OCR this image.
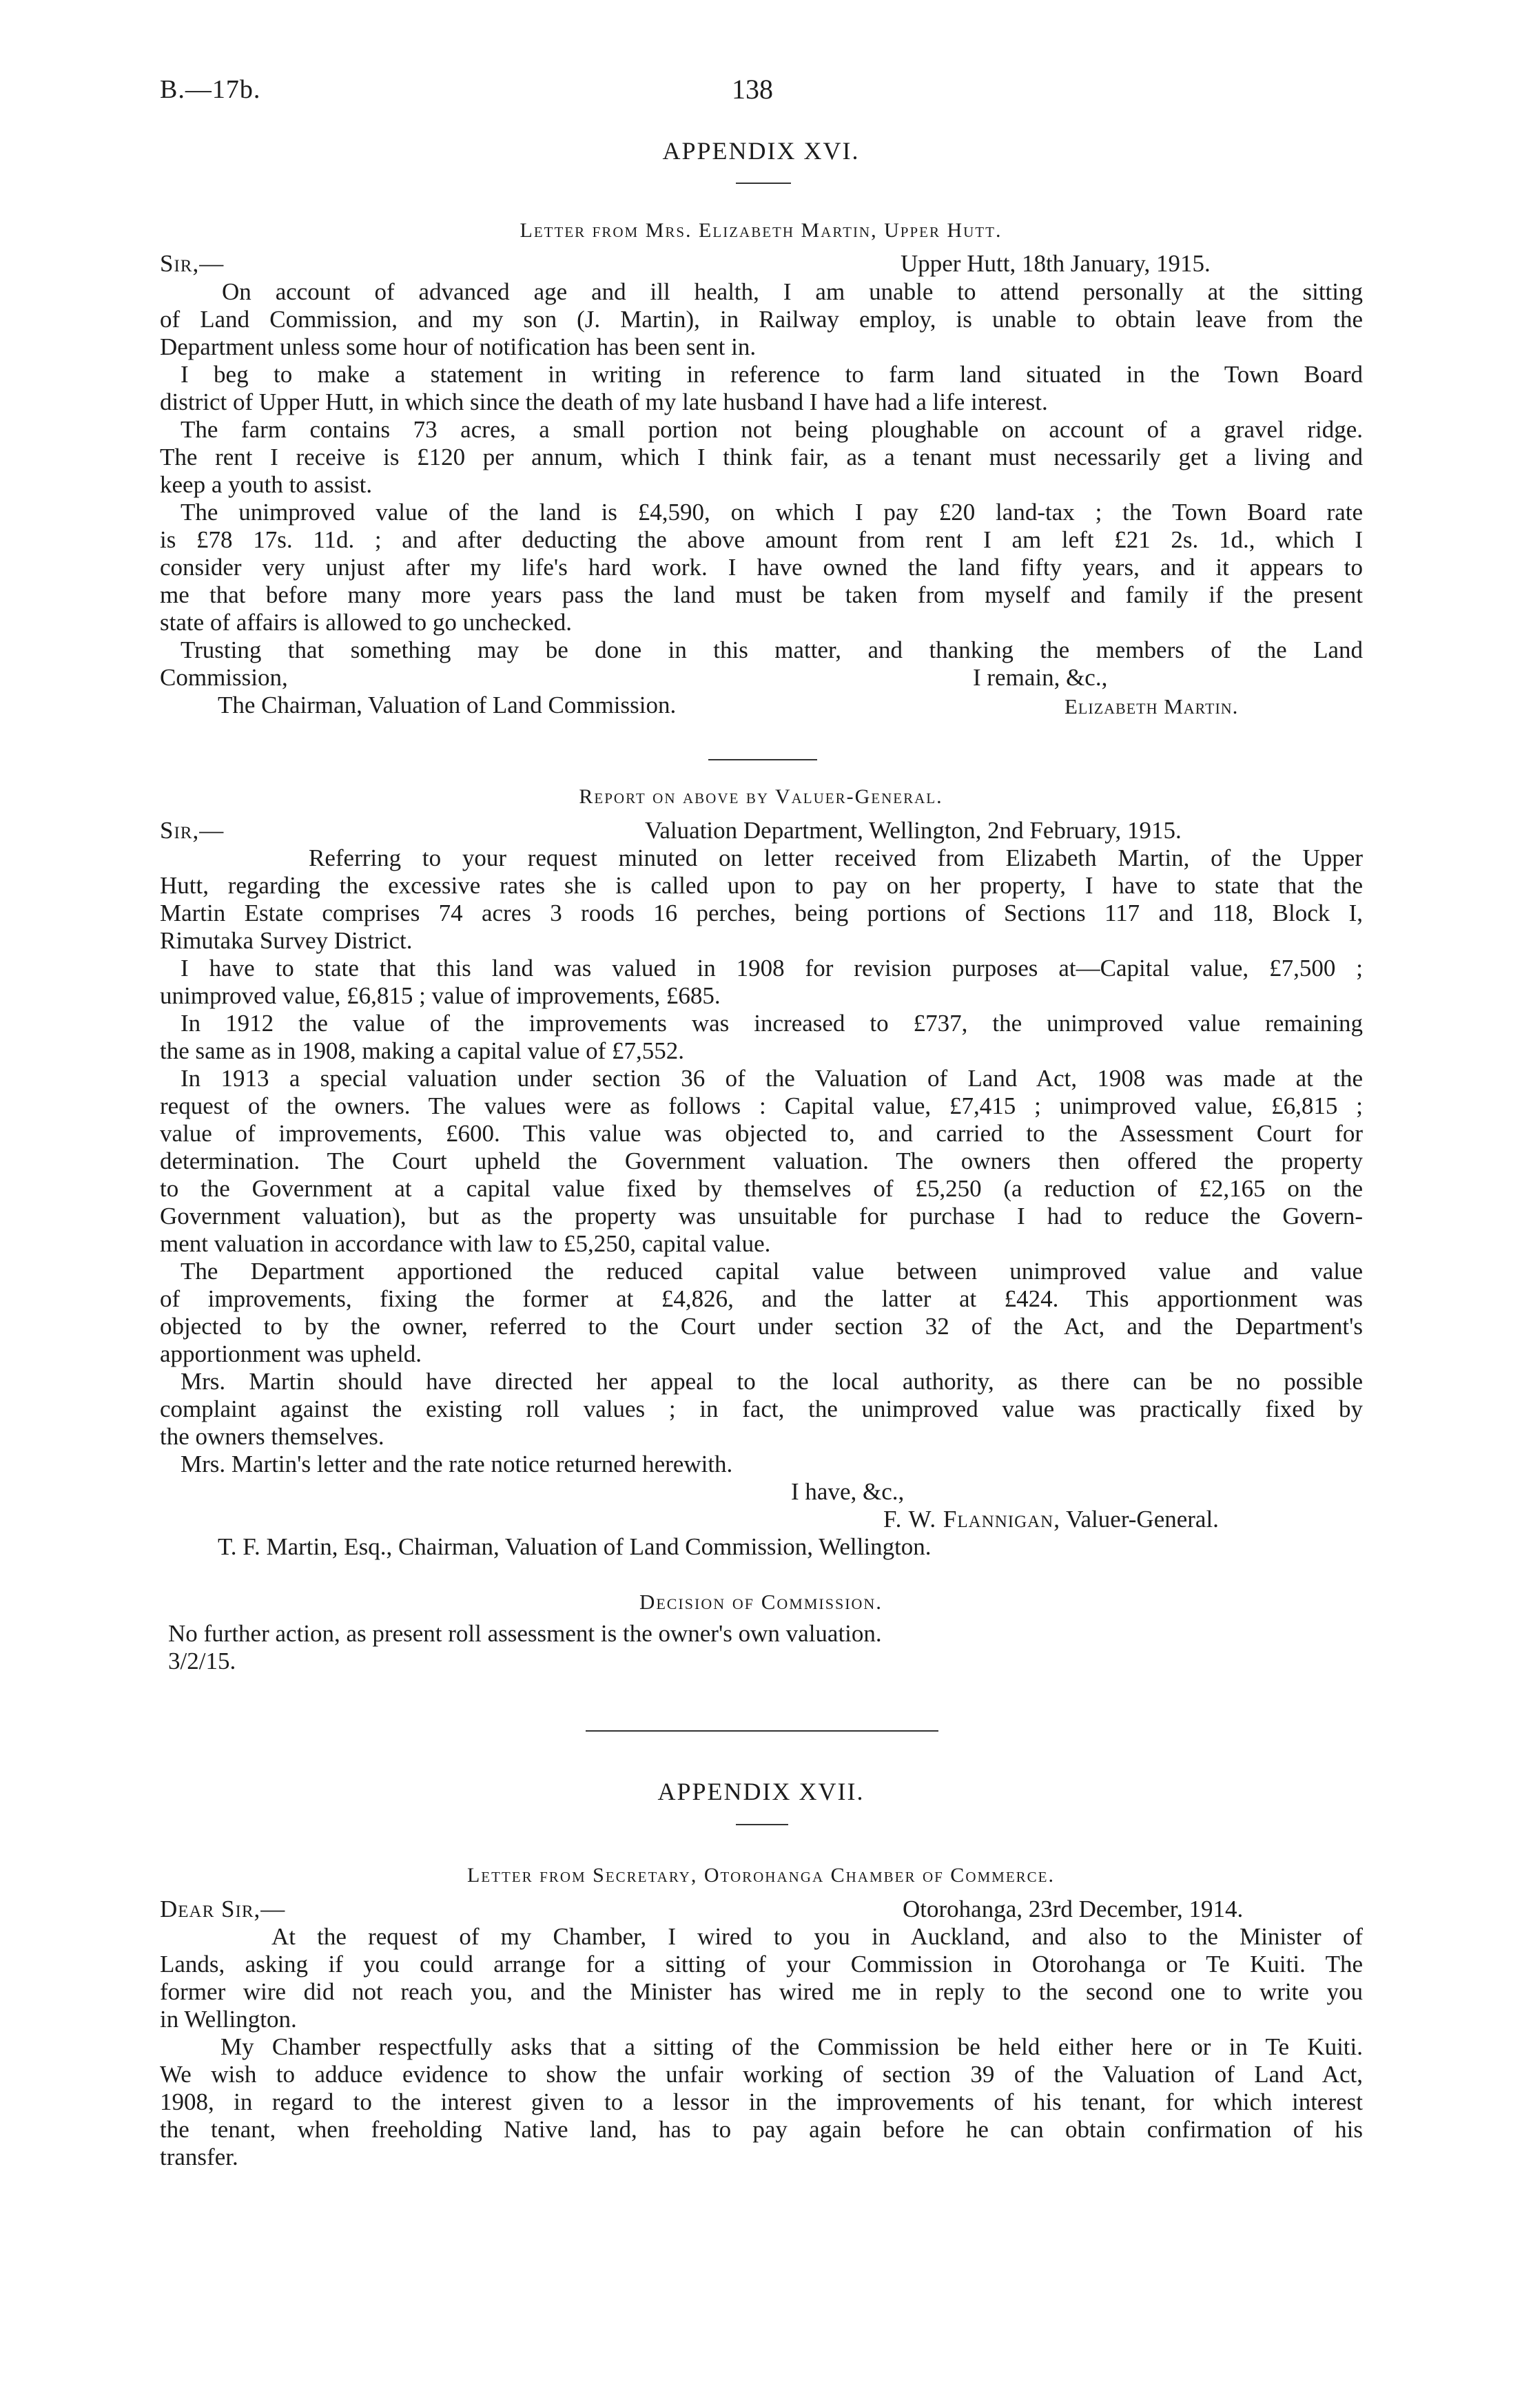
B.—17b.	138
APPENDIX XVI.
Letter from Mrs. Elizabeth Martin, Upper Hutt.
Sir,—	Upper Hutt, 18th January, 1915.
On account of advanced age and ill health, I am unable to attend personally at the sitting
of Land Commission, and my son (J. Martin), in Railway employ, is unable to obtain leave from the
Department unless some hour of notification has been sent in.
I beg to make a statement in writing in reference to farm land situated in the Town Board
district of Upper Hutt, in which since the death of my late husband I have had a life interest.
The farm contains 73 acres, a small portion not being ploughable on account of a gravel ridge.
The rent I receive is £120 per annum, which I think fair, as a tenant must necessarily get a living and
keep a youth to assist.
The unimproved value of the land is £4,590, on which I pay £20 land-tax ; the Town Board rate
is £78 17s. 11d. ; and after deducting the above amount from rent I am left £21 2s. 1d., which I
consider very unjust after my life's hard work. I have owned the land fifty years, and it appears to
me that before many more years pass the land must be taken from myself and family if the present
state of affairs is allowed to go unchecked.
Trusting that something may be done in this matter, and thanking the members of the Land
Commission,	I remain, &c.,
The Chairman, Valuation of Land Commission.	Elizabeth Martin.
Report on above by Valuer-General.
Sir,—	Valuation Department, Wellington, 2nd February, 1915.
Referring to your request minuted on letter received from Elizabeth Martin, of the Upper
Hutt, regarding the excessive rates she is called upon to pay on her property, I have to state that the
Martin Estate comprises 74 acres 3 roods 16 perches, being portions of Sections 117 and 118, Block I,
Rimutaka Survey District.
I have to state that this land was valued in 1908 for revision purposes at—Capital value, £7,500 ;
unimproved value, £6,815 ; value of improvements, £685.
In 1912 the value of the improvements was increased to £737, the unimproved value remaining
the same as in 1908, making a capital value of £7,552.
In 1913 a special valuation under section 36 of the Valuation of Land Act, 1908 was made at the
request of the owners. The values were as follows : Capital value, £7,415 ; unimproved value, £6,815 ;
value of improvements, £600. This value was objected to, and carried to the Assessment Court for
determination. The Court upheld the Government valuation. The owners then offered the property
to the Government at a capital value fixed by themselves of £5,250 (a reduction of £2,165 on the
Government valuation), but as the property was unsuitable for purchase I had to reduce the Govern-
ment valuation in accordance with law to £5,250, capital value.
The Department apportioned the reduced capital value between unimproved value and value
of improvements, fixing the former at £4,826, and the latter at £424. This apportionment was
objected to by the owner, referred to the Court under section 32 of the Act, and the Department's
apportionment was upheld.
Mrs. Martin should have directed her appeal to the local authority, as there can be no possible
complaint against the existing roll values ; in fact, the unimproved value was practically fixed by
the owners themselves.
Mrs. Martin's letter and the rate notice returned herewith.
I have, &c.,
F. W. Flannigan, Valuer-General.
T. F. Martin, Esq., Chairman, Valuation of Land Commission, Wellington.
Decision of Commission.
No further action, as present roll assessment is the owner's own valuation.
3/2/15.
APPENDIX XVII.
Letter from Secretary, Otorohanga Chamber of Commerce.
Dear Sir,—	Otorohanga, 23rd December, 1914.
At the request of my Chamber, I wired to you in Auckland, and also to the Minister of
Lands, asking if you could arrange for a sitting of your Commission in Otorohanga or Te Kuiti. The
former wire did not reach you, and the Minister has wired me in reply to the second one to write you
in Wellington.
My Chamber respectfully asks that a sitting of the Commission be held either here or in Te Kuiti.
We wish to adduce evidence to show the unfair working of section 39 of the Valuation of Land Act,
1908, in regard to the interest given to a lessor in the improvements of his tenant, for which interest
the tenant, when freeholding Native land, has to pay again before he can obtain confirmation of his
transfer.
